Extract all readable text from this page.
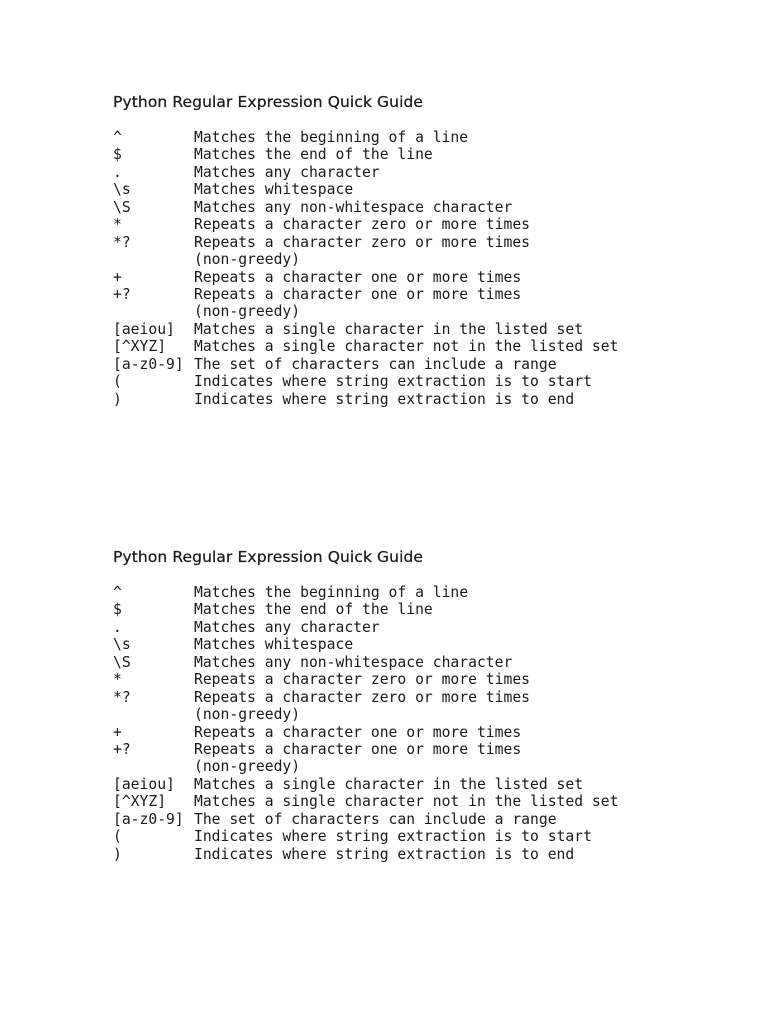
Python Regular Expression Quick Guide
^	Matches the beginning of a line
$	Matches the end of the line
.	Matches any character
\s	Matches whitespace
\S	Matches any non-whitespace character
*	Repeats a character zero or more times
*?	Repeats a character zero or more times
(non-greedy)
+	Repeats a character one or more times
+?	Repeats a character one or more times
(non-greedy)
[aeiou]	Matches a single character in the listed set
[^XYZ]	Matches a single character not in the listed set
[a-z0-9] The set of characters can include a range
(	Indicates where string extraction is to start
)	Indicates where string extraction is to end
Python Regular Expression Quick Guide
^	Matches the beginning of a line
$	Matches the end of the line
.	Matches any character
\s	Matches whitespace
\S	Matches any non-whitespace character
*	Repeats a character zero or more times
*?	Repeats a character zero or more times
(non-greedy)
+	Repeats a character one or more times
+?	Repeats a character one or more times
(non-greedy)
[aeiou]	Matches a single character in the listed set
[^XYZ]	Matches a single character not in the listed set
[a-z0-9] The set of characters can include a range
(	Indicates where string extraction is to start
)	Indicates where string extraction is to end
